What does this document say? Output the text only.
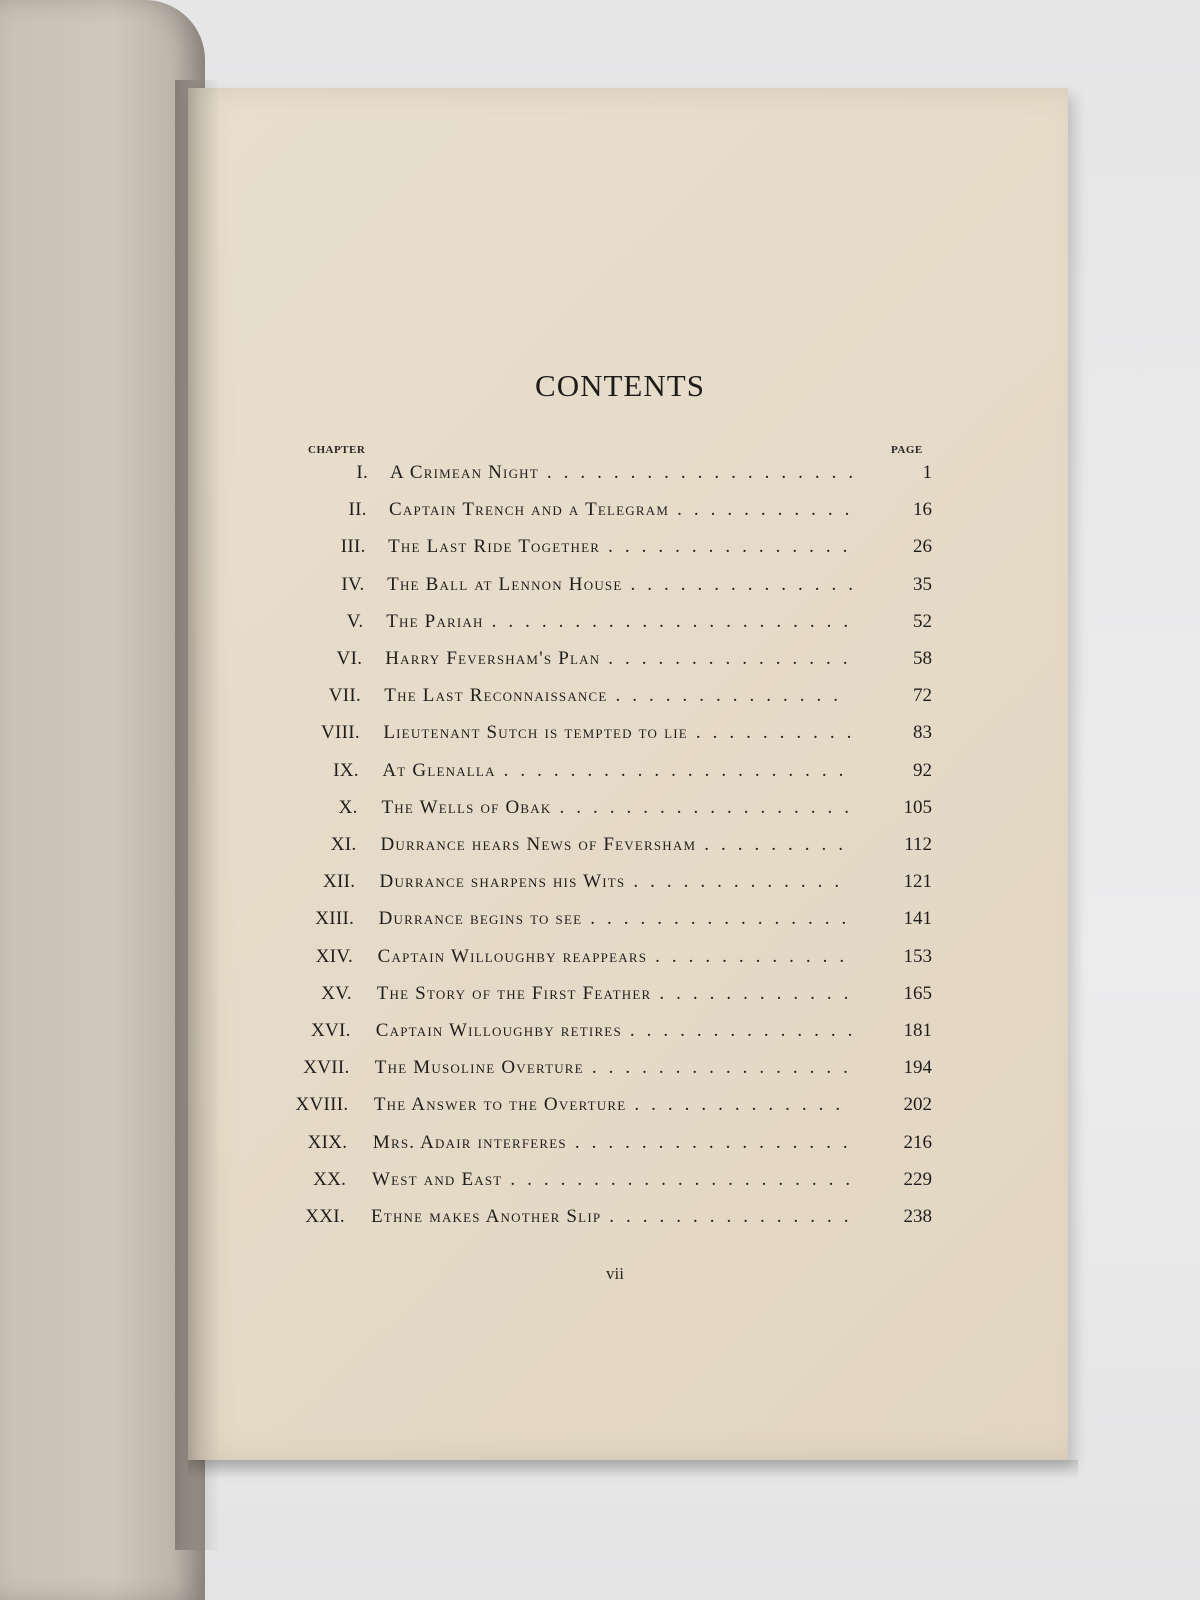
CONTENTS
CHAPTER	PAGE
I. A Crimean Night ...................	1
II. Captain Trench and a Telegram ...........	16
III. The Last Ride Together ...............	26
IV. The Ball at Lennon House ..............	35
V. The Pariah ......................	52
VI. Harry Feversham's Plan ...............	58
VII. The Last Reconnaissance ..............	72
VIII. Lieutenant Sutch is tempted to lie ..........	83
IX. At Glenalla .....................	92
X. The Wells of Obak ..................	105
XI. Durrance hears News of Feversham .........	112
XII. Durrance sharpens his Wits .............	121
XIII. Durrance begins to see ................	141
XIV. Captain Willoughby reappears ............	153
XV. The Story of the First Feather ............	165
XVI. Captain Willoughby retires ..............	181
XVII. The Musoline Overture ................	194
XVIII. The Answer to the Overture .............	202
XIX. Mrs. Adair interferes .................	216
XX. West and East .....................	229
XXI. Ethne makes Another Slip ...............	238
vii
